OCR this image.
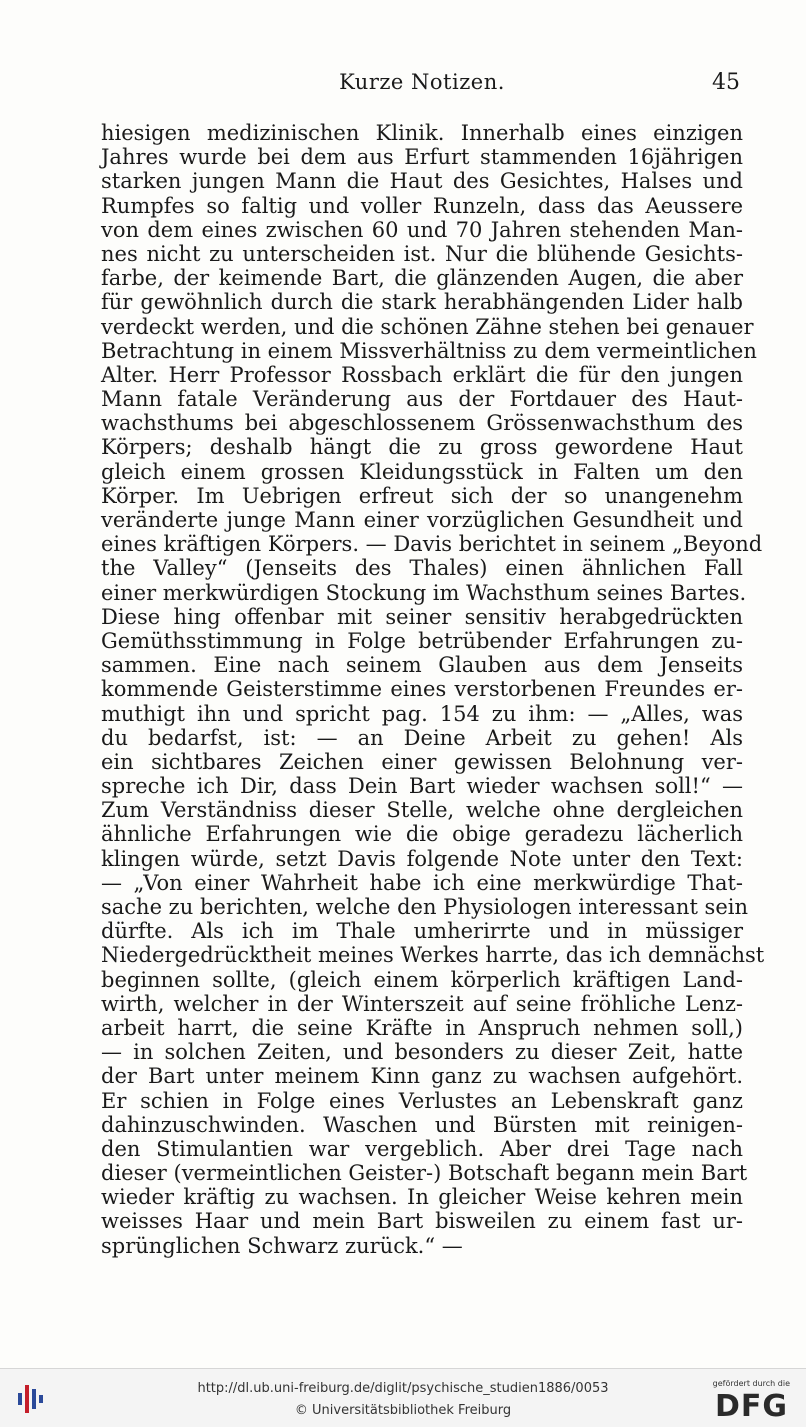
Kurze Notizen.	45
hiesigen medizinischen Klinik. Innerhalb eines einzigen
Jahres wurde bei dem aus Erfurt stammenden 16jährigen
starken jungen Mann die Haut des Gesichtes, Halses und
Rumpfes so faltig und voller Runzeln, dass das Aeussere
von dem eines zwischen 60 und 70 Jahren stehenden Man-
nes nicht zu unterscheiden ist. Nur die blühende Gesichts-
farbe, der keimende Bart, die glänzenden Augen, die aber
für gewöhnlich durch die stark herabhängenden Lider halb
verdeckt werden, und die schönen Zähne stehen bei genauer
Betrachtung in einem Missverhältniss zu dem vermeintlichen
Alter. Herr Professor Rossbach erklärt die für den jungen
Mann fatale Veränderung aus der Fortdauer des Haut-
wachsthums bei abgeschlossenem Grössenwachsthum des
Körpers; deshalb hängt die zu gross gewordene Haut
gleich einem grossen Kleidungsstück in Falten um den
Körper. Im Uebrigen erfreut sich der so unangenehm
veränderte junge Mann einer vorzüglichen Gesundheit und
eines kräftigen Körpers. — Davis berichtet in seinem „Beyond
the Valley“ (Jenseits des Thales) einen ähnlichen Fall
einer merkwürdigen Stockung im Wachsthum seines Bartes.
Diese hing offenbar mit seiner sensitiv herabgedrückten
Gemüthsstimmung in Folge betrübender Erfahrungen zu-
sammen. Eine nach seinem Glauben aus dem Jenseits
kommende Geisterstimme eines verstorbenen Freundes er-
muthigt ihn und spricht pag. 154 zu ihm: — „Alles, was
du bedarfst, ist: — an Deine Arbeit zu gehen! Als
ein sichtbares Zeichen einer gewissen Belohnung ver-
spreche ich Dir, dass Dein Bart wieder wachsen soll!“ —
Zum Verständniss dieser Stelle, welche ohne dergleichen
ähnliche Erfahrungen wie die obige geradezu lächerlich
klingen würde, setzt Davis folgende Note unter den Text:
— „Von einer Wahrheit habe ich eine merkwürdige That-
sache zu berichten, welche den Physiologen interessant sein
dürfte. Als ich im Thale umherirrte und in müssiger
Niedergedrücktheit meines Werkes harrte, das ich demnächst
beginnen sollte, (gleich einem körperlich kräftigen Land-
wirth, welcher in der Winterszeit auf seine fröhliche Lenz-
arbeit harrt, die seine Kräfte in Anspruch nehmen soll,)
— in solchen Zeiten, und besonders zu dieser Zeit, hatte
der Bart unter meinem Kinn ganz zu wachsen aufgehört.
Er schien in Folge eines Verlustes an Lebenskraft ganz
dahinzuschwinden. Waschen und Bürsten mit reinigen-
den Stimulantien war vergeblich. Aber drei Tage nach
dieser (vermeintlichen Geister-) Botschaft begann mein Bart
wieder kräftig zu wachsen. In gleicher Weise kehren mein
weisses Haar und mein Bart bisweilen zu einem fast ur-
sprünglichen Schwarz zurück.“ —
http://dl.ub.uni-freiburg.de/diglit/psychische_studien1886/0053
© Universitätsbibliothek Freiburg
gefördert durch die
DFG
